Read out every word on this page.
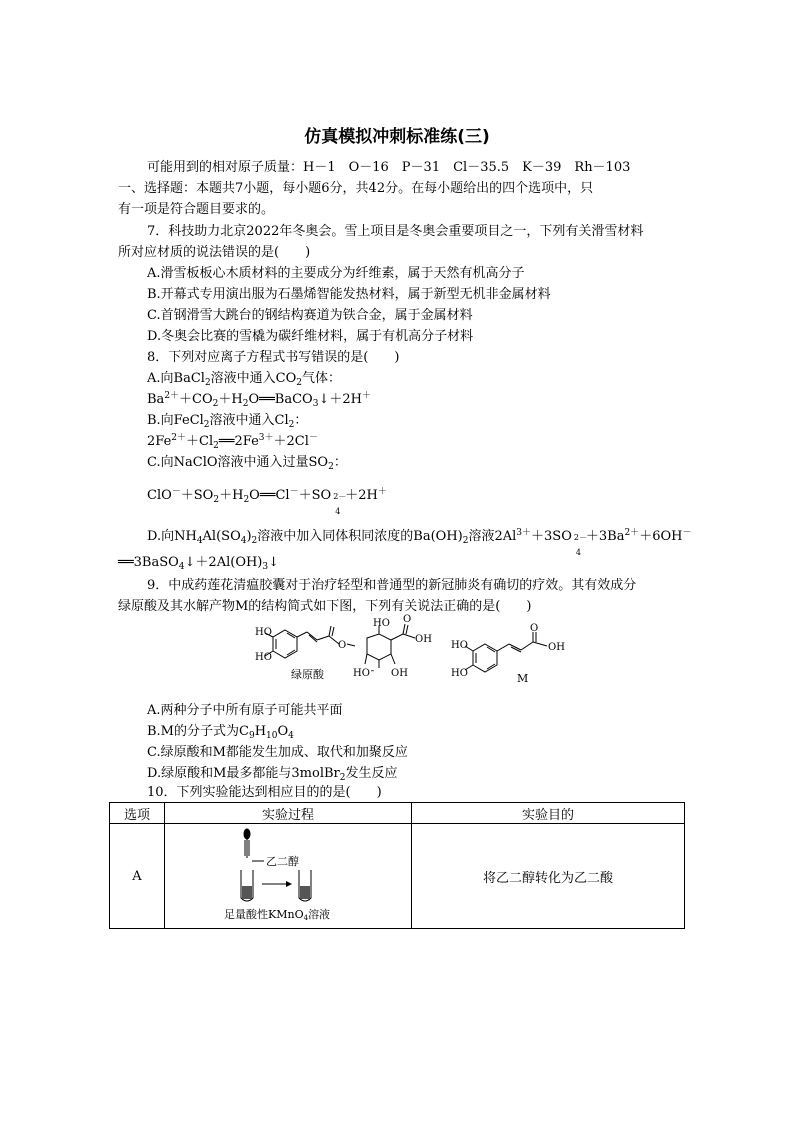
仿真模拟冲刺标准练(三)
可能用到的相对原子质量：H－1　O－16　P－31　Cl－35.5　K－39　Rh－103
一、选择题：本题共7小题，每小题6分，共42分。在每小题给出的四个选项中，只
有一项是符合题目要求的。
7．科技助力北京2022年冬奥会。雪上项目是冬奥会重要项目之一，下列有关滑雪材料
所对应材质的说法错误的是(　　)
A.滑雪板板心木质材料的主要成分为纤维素，属于天然有机高分子
B.开幕式专用演出服为石墨烯智能发热材料，属于新型无机非金属材料
C.首钢滑雪大跳台的钢结构赛道为铁合金，属于金属材料
D.冬奥会比赛的雪橇为碳纤维材料，属于有机高分子材料
8．下列对应离子方程式书写错误的是(　　)
A.向BaCl$_2$溶液中通入$CO_2$气体：
$Ba^{2+}+CO_2+H_2O══BaCO_3↓+2H^+$
B.向FeCl$_2$溶液中通入$Cl_2$：
$2Fe^{2+}+Cl_2══2Fe^{3+}+2Cl^-$
C.向NaClO溶液中通入过量$SO_2$：
$ClO^-+SO_2+H_2O══Cl^-+SO$ 2－
4
＋2H＋
D.向$NH_4Al(SO_4)_2$溶液中加入同体积同浓度的$Ba(OH)_2$溶液$2Al^{3+}+3SO$ 2－
4
$+3Ba^{2+}+6OH^-$
$══3BaSO_4↓+2Al(OH)_3↓$
9．中成药莲花清瘟胶囊对于治疗轻型和普通型的新冠肺炎有确切的疗效。其有效成分
绿原酸及其水解产物M的结构简式如下图，下列有关说法正确的是(　　)
HO
HO
O
HO O
OH
HO OH
绿原酸
HO
HO
O
OH
M
A.两种分子中所有原子可能共平面
B.M的分子式为$C_9H_{10}O_4$
C.绿原酸和M都能发生加成、取代和加聚反应
D.绿原酸和M最多都能与3molBr$_2$发生反应
10．下列实验能达到相应目的的是(　　)
选项	实验过程	实验目的
A		将乙二醇转化为乙二酸
乙二醇
足量酸性KMnO4溶液
